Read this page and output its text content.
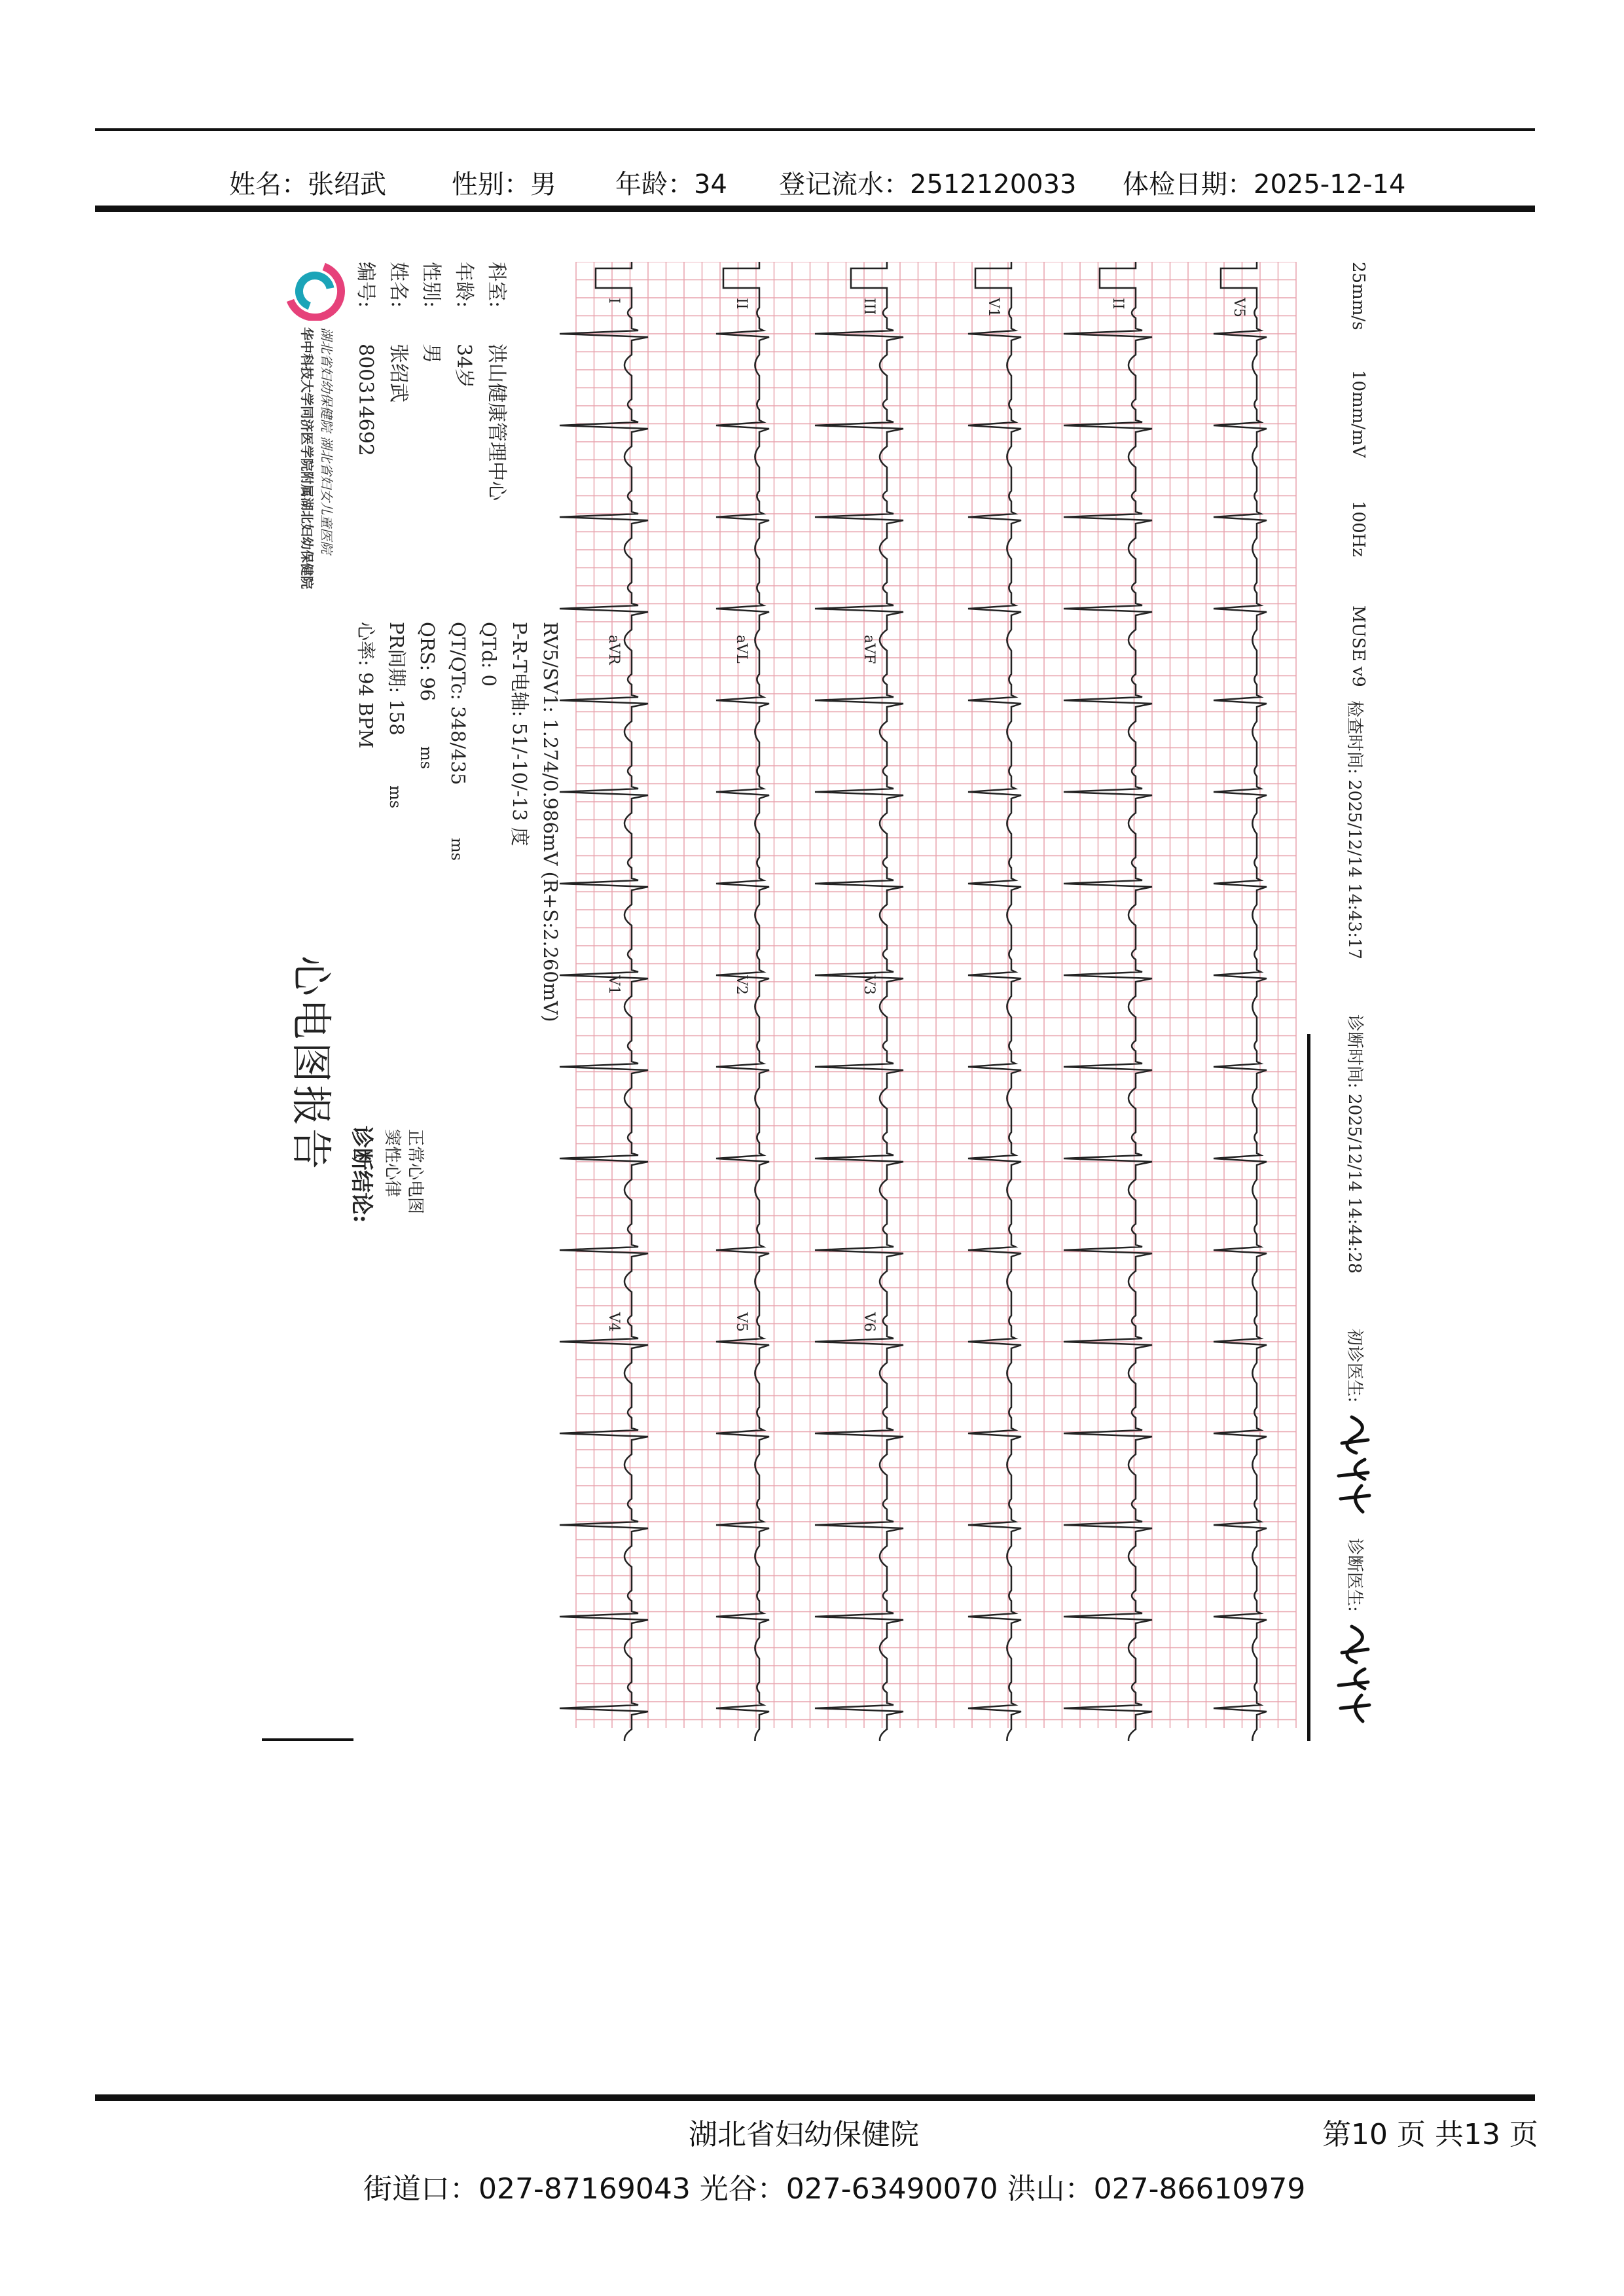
姓名：张绍武	性别：男 年龄：34 登记流水：2512120033 体检日期：2025-12-14
华中科技大学同济医学院附属湖北妇幼保健院 湖北省妇幼保健院 湖北省妇女儿童医院
编号:
800314692
姓名:
张绍武
性别:
男
年龄:
34岁
科室:
洪山健康管理中心
心率: 94 BPM PR间期: 158
ms
QRS: 96
ms QT/QTc: 348/435
ms
QTd: 0 P-R-T电轴: 51/-10/-13 度 RV5/SV1: 1.274/0.986mV (R+S:2.260mV)
心电图报告
诊断结论: 窦性心律 正常心电图
I	II	III
aVR	aVL	aVF
V1	V2	V3
V4	V5	V6
V1	II	V5	25mm/s
10mm/mV
100Hz
MUSE v9
检查时间: 2025/12/14 14:43:17
诊断时间: 2025/12/14 14:44:28
初诊医生:
诊断医生:
湖北省妇幼保健院	第10 页 共13 页
街道口：027-87169043 光谷：027-63490070 洪山：027-86610979
